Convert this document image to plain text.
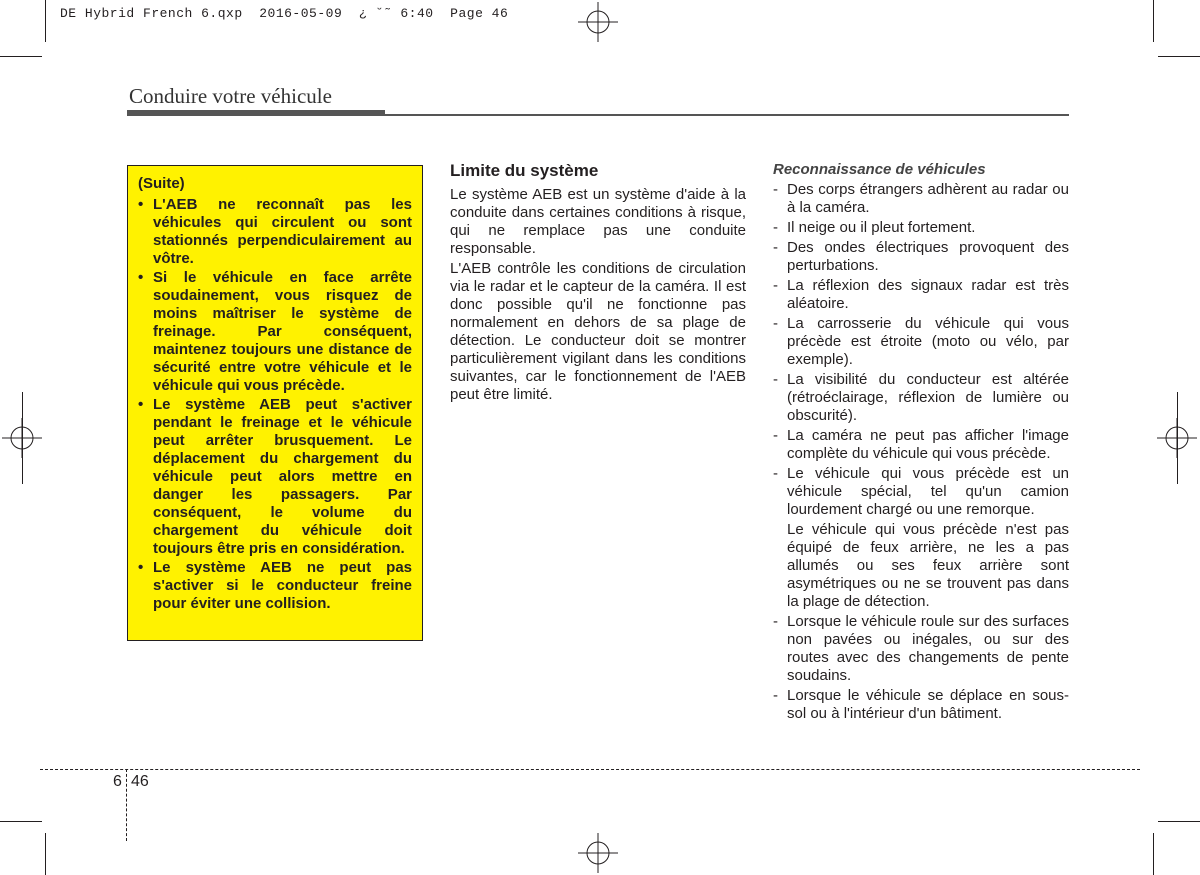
DE Hybrid French 6.qxp  2016-05-09  ¿ ˘˜ 6:40  Page 46
Conduire votre véhicule
(Suite)
• L'AEB ne reconnaît pas les véhicules qui circulent ou sont stationnés perpendiculairement au vôtre.
• Si le véhicule en face arrête soudainement, vous risquez de moins maîtriser le système de freinage. Par conséquent, maintenez toujours une distance de sécurité entre votre véhicule et le véhicule qui vous précède.
• Le système AEB peut s'activer pendant le freinage et le véhicule peut arrêter brusquement. Le déplacement du chargement du véhicule peut alors mettre en danger les passagers. Par conséquent, le volume du chargement du véhicule doit toujours être pris en considération.
• Le système AEB ne peut pas s'activer si le conducteur freine pour éviter une collision.
Limite du système

Le système AEB est un système d'aide à la conduite dans certaines conditions à risque, qui ne remplace pas une conduite responsable.

L'AEB contrôle les conditions de circulation via le radar et le capteur de la caméra. Il est donc possible qu'il ne fonctionne pas normalement en dehors de sa plage de détection. Le conducteur doit se montrer particulièrement vigilant dans les conditions suivantes, car le fonctionnement de l'AEB peut être limité.

Reconnaissance de véhicules
- Des corps étrangers adhèrent au radar ou à la caméra.
- Il neige ou il pleut fortement.
- Des ondes électriques provoquent des perturbations.
- La réflexion des signaux radar est très aléatoire.
- La carrosserie du véhicule qui vous précède est étroite (moto ou vélo, par exemple).
- La visibilité du conducteur est altérée (rétroéclairage, réflexion de lumière ou obscurité).
- La caméra ne peut pas afficher l'image complète du véhicule qui vous précède.
- Le véhicule qui vous précède est un véhicule spécial, tel qu'un camion lourdement chargé ou une remorque.
Le véhicule qui vous précède n'est pas équipé de feux arrière, ne les a pas allumés ou ses feux arrière sont asymétriques ou ne se trouvent pas dans la plage de détection.
- Lorsque le véhicule roule sur des surfaces non pavées ou inégales, ou sur des routes avec des changements de pente soudains.
- Lorsque le véhicule se déplace en sous-sol ou à l'intérieur d'un bâtiment.
6 46
